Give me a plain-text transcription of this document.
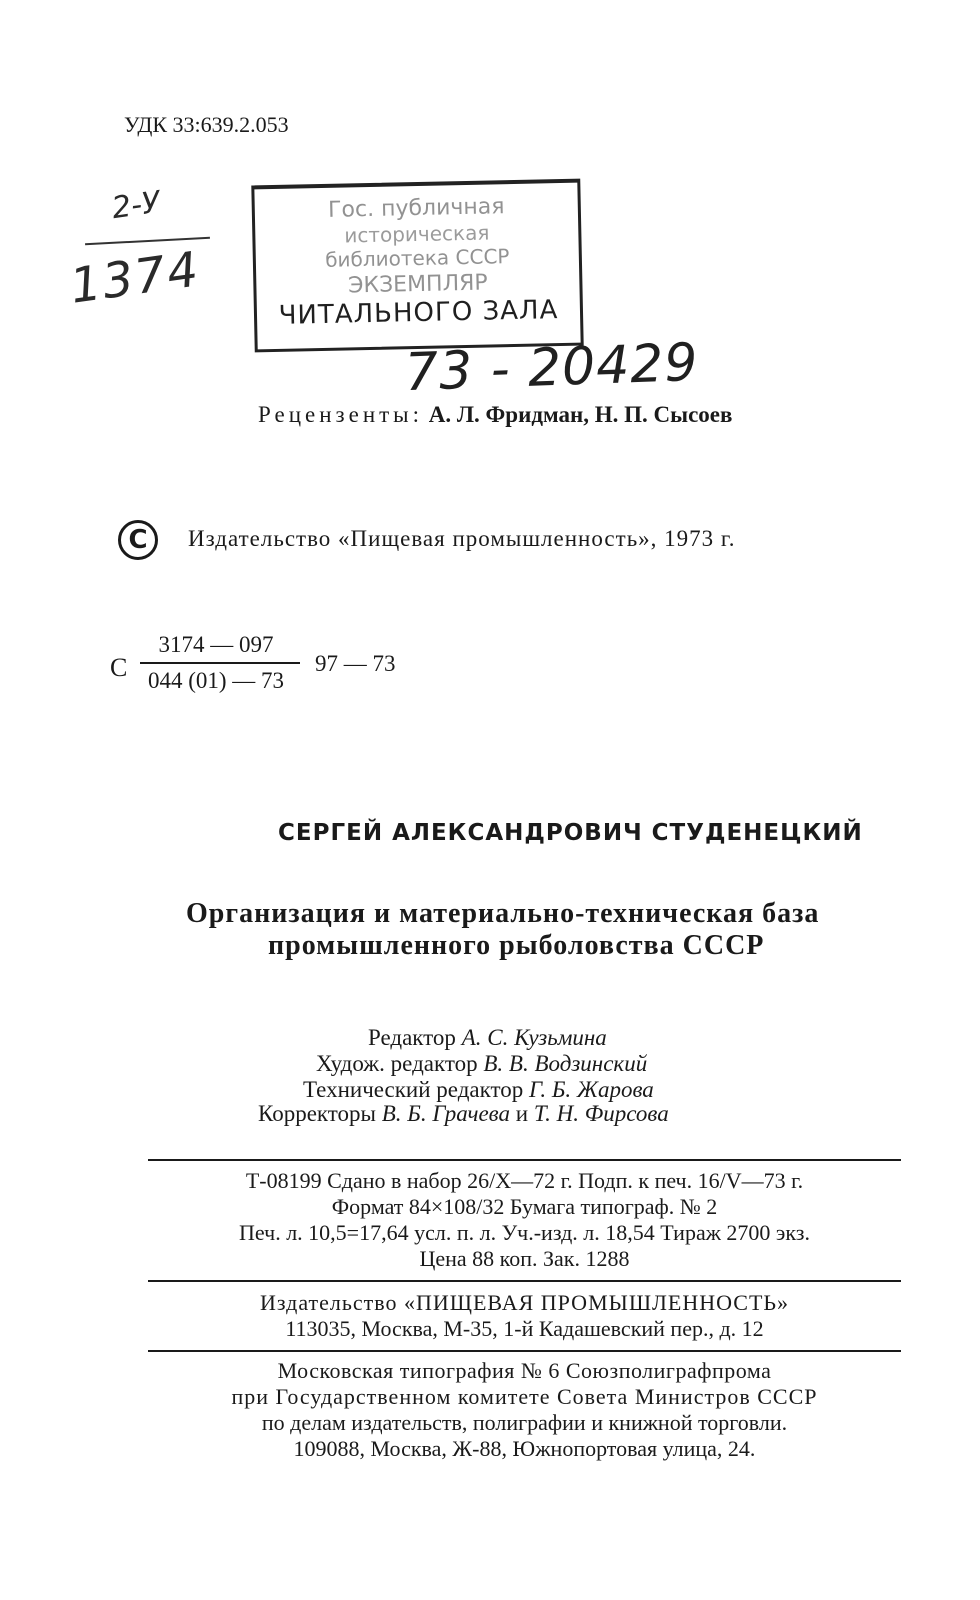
УДК 33:639.2.053
2-У
1374
Гос. публичная
историческая
библиотека СССР
ЭКЗЕМПЛЯР
ЧИТАЛЬНОГО ЗАЛА
73 - 20429
Рецензенты: А. Л. Фридман, Н. П. Сысоев
C	Издательство «Пищевая промышленность», 1973 г.
С
3174 — 097
044 (01) — 73
97 — 73
СЕРГЕЙ АЛЕКСАНДРОВИЧ СТУДЕНЕЦКИЙ
Организация и материально-техническая база
промышленного рыболовства СССР
Редактор А. С. Кузьмина
Худож. редактор В. В. Водзинский
Технический редактор Г. Б. Жарова
Корректоры В. Б. Грачева и Т. Н. Фирсова
Т-08199 Сдано в набор 26/X—72 г. Подп. к печ. 16/V—73 г.
Формат 84×108/32 Бумага типограф. № 2
Печ. л. 10,5=17,64 усл. п. л. Уч.-изд. л. 18,54 Тираж 2700 экз.
Цена 88 коп. Зак. 1288
Издательство «ПИЩЕВАЯ ПРОМЫШЛЕННОСТЬ»
113035, Москва, М-35, 1-й Кадашевский пер., д. 12
Московская типография № 6 Союзполиграфпрома
при Государственном комитете Совета Министров СССР
по делам издательств, полиграфии и книжной торговли.
109088, Москва, Ж-88, Южнопортовая улица, 24.
